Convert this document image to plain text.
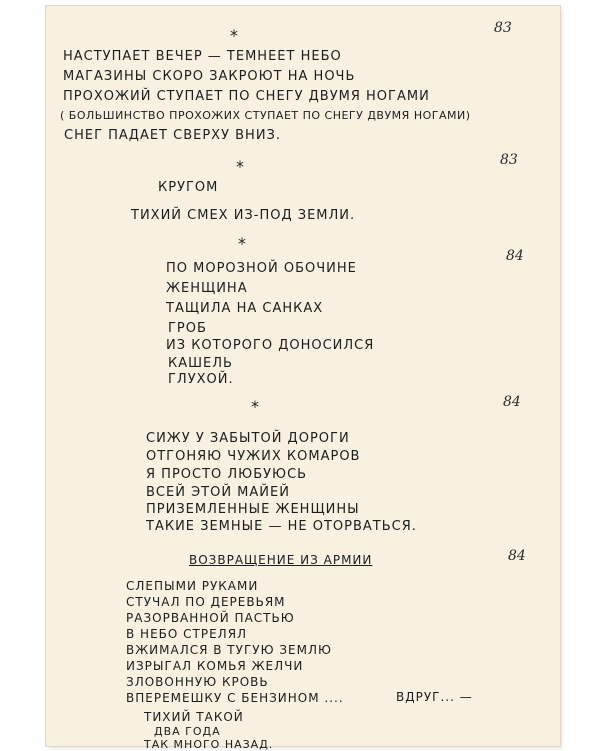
83
*
НАСТУПАЕТ ВЕЧЕР — ТЕМНЕЕТ НЕБО
МАГАЗИНЫ СКОРО ЗАКРОЮТ НА НОЧЬ
ПРОХОЖИЙ СТУПАЕТ ПО СНЕГУ ДВУМЯ НОГАМИ
( БОЛЬШИНСТВО ПРОХОЖИХ СТУПАЕТ ПО СНЕГУ ДВУМЯ НОГАМИ)
СНЕГ ПАДАЕТ СВЕРХУ ВНИЗ.
*	83
КРУГОМ
ТИХИЙ СМЕХ ИЗ-ПОД ЗЕМЛИ.
*
84
ПО МОРОЗНОЙ ОБОЧИНЕ
ЖЕНЩИНА
ТАЩИЛА НА САНКАХ
ГРОБ
ИЗ КОТОРОГО ДОНОСИЛСЯ
КАШЕЛЬ
ГЛУХОЙ.
*	84
СИЖУ У ЗАБЫТОЙ ДОРОГИ
ОТГОНЯЮ ЧУЖИХ КОМАРОВ
Я ПРОСТО ЛЮБУЮСЬ
ВСЕЙ ЭТОЙ МАЙЕЙ
ПРИЗЕМЛЕННЫЕ ЖЕНЩИНЫ
ТАКИЕ ЗЕМНЫЕ — НЕ ОТОРВАТЬСЯ.
ВОЗВРАЩЕНИЕ ИЗ АРМИИ	84
СЛЕПЫМИ РУКАМИ
СТУЧАЛ ПО ДЕРЕВЬЯМ
РАЗОРВАННОЙ ПАСТЬЮ
В НЕБО СТРЕЛЯЛ
ВЖИМАЛСЯ В ТУГУЮ ЗЕМЛЮ
ИЗРЫГАЛ КОМЬЯ ЖЕЛЧИ
ЗЛОВОННУЮ КРОВЬ
ВПЕРЕМЕШКУ С БЕНЗИНОМ ....	ВДРУГ... —
ТИХИЙ ТАКОЙ
ДВА ГОДА
ТАК МНОГО НАЗАД.
